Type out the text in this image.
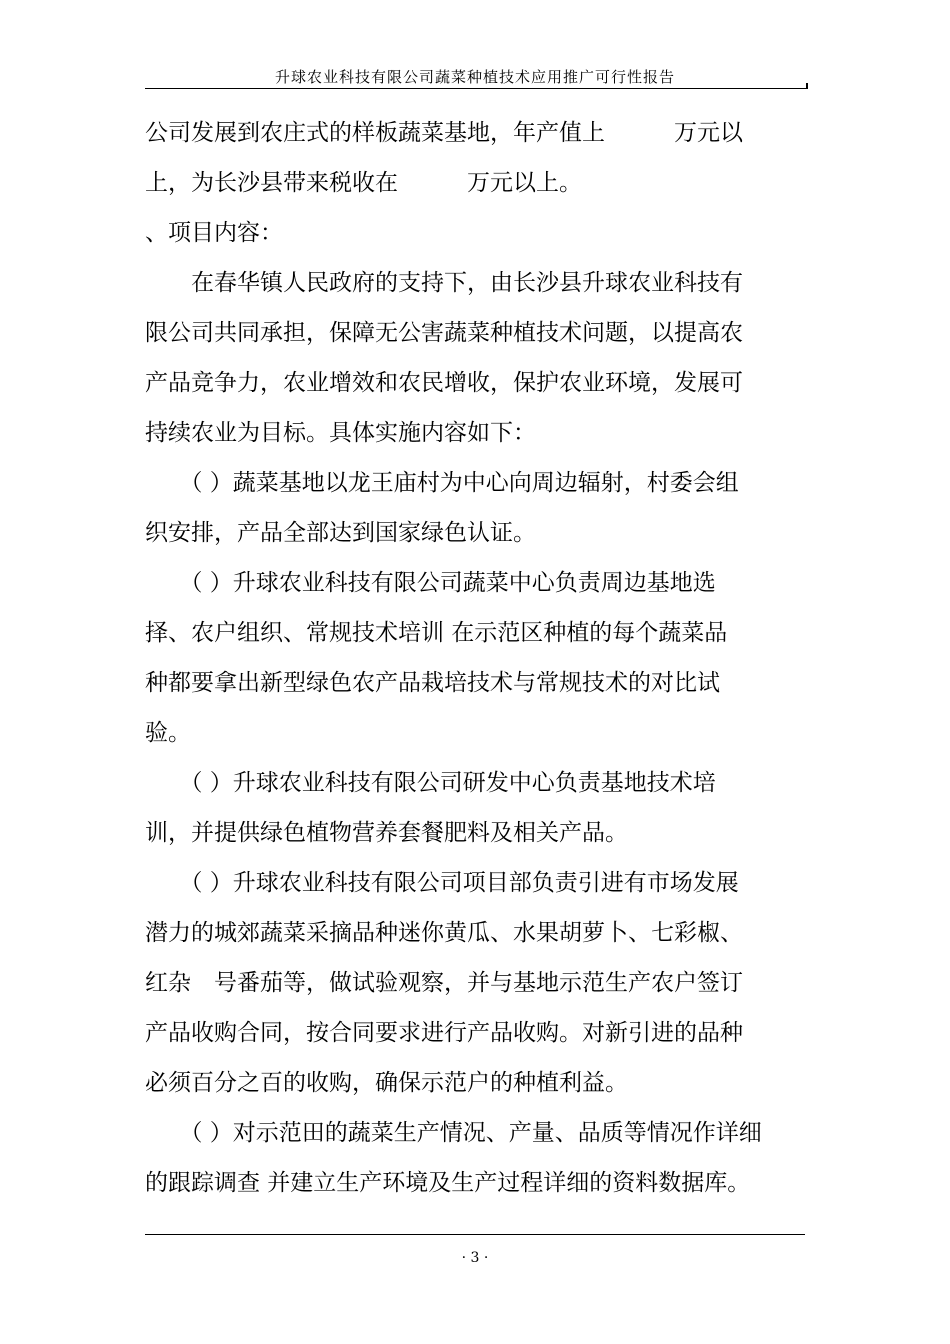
升球农业科技有限公司蔬菜种植技术应用推广可行性报告

公司发展到农庄式的样板蔬菜基地，年产值上　　　万元以

上，为长沙县带来税收在　　　万元以上。

、项目内容：

　　在春华镇人民政府的支持下，由长沙县升球农业科技有

限公司共同承担，保障无公害蔬菜种植技术问题，以提高农

产品竞争力，农业增效和农民增收，保护农业环境，发展可

持续农业为目标。具体实施内容如下：

　　（ ）蔬菜基地以龙王庙村为中心向周边辐射，村委会组

织安排，产品全部达到国家绿色认证。

　　（ ）升球农业科技有限公司蔬菜中心负责周边基地选

择、农户组织、常规技术培训 在示范区种植的每个蔬菜品

种都要拿出新型绿色农产品栽培技术与常规技术的对比试

验。

　　（ ）升球农业科技有限公司研发中心负责基地技术培

训，并提供绿色植物营养套餐肥料及相关产品。

　　（ ）升球农业科技有限公司项目部负责引进有市场发展

潜力的城郊蔬菜采摘品种迷你黄瓜、水果胡萝卜、七彩椒、

红杂　号番茄等，做试验观察，并与基地示范生产农户签订

产品收购合同，按合同要求进行产品收购。对新引进的品种

必须百分之百的收购，确保示范户的种植利益。

　　（ ）对示范田的蔬菜生产情况、产量、品质等情况作详细

的跟踪调查 并建立生产环境及生产过程详细的资料数据库。

· 3 ·
